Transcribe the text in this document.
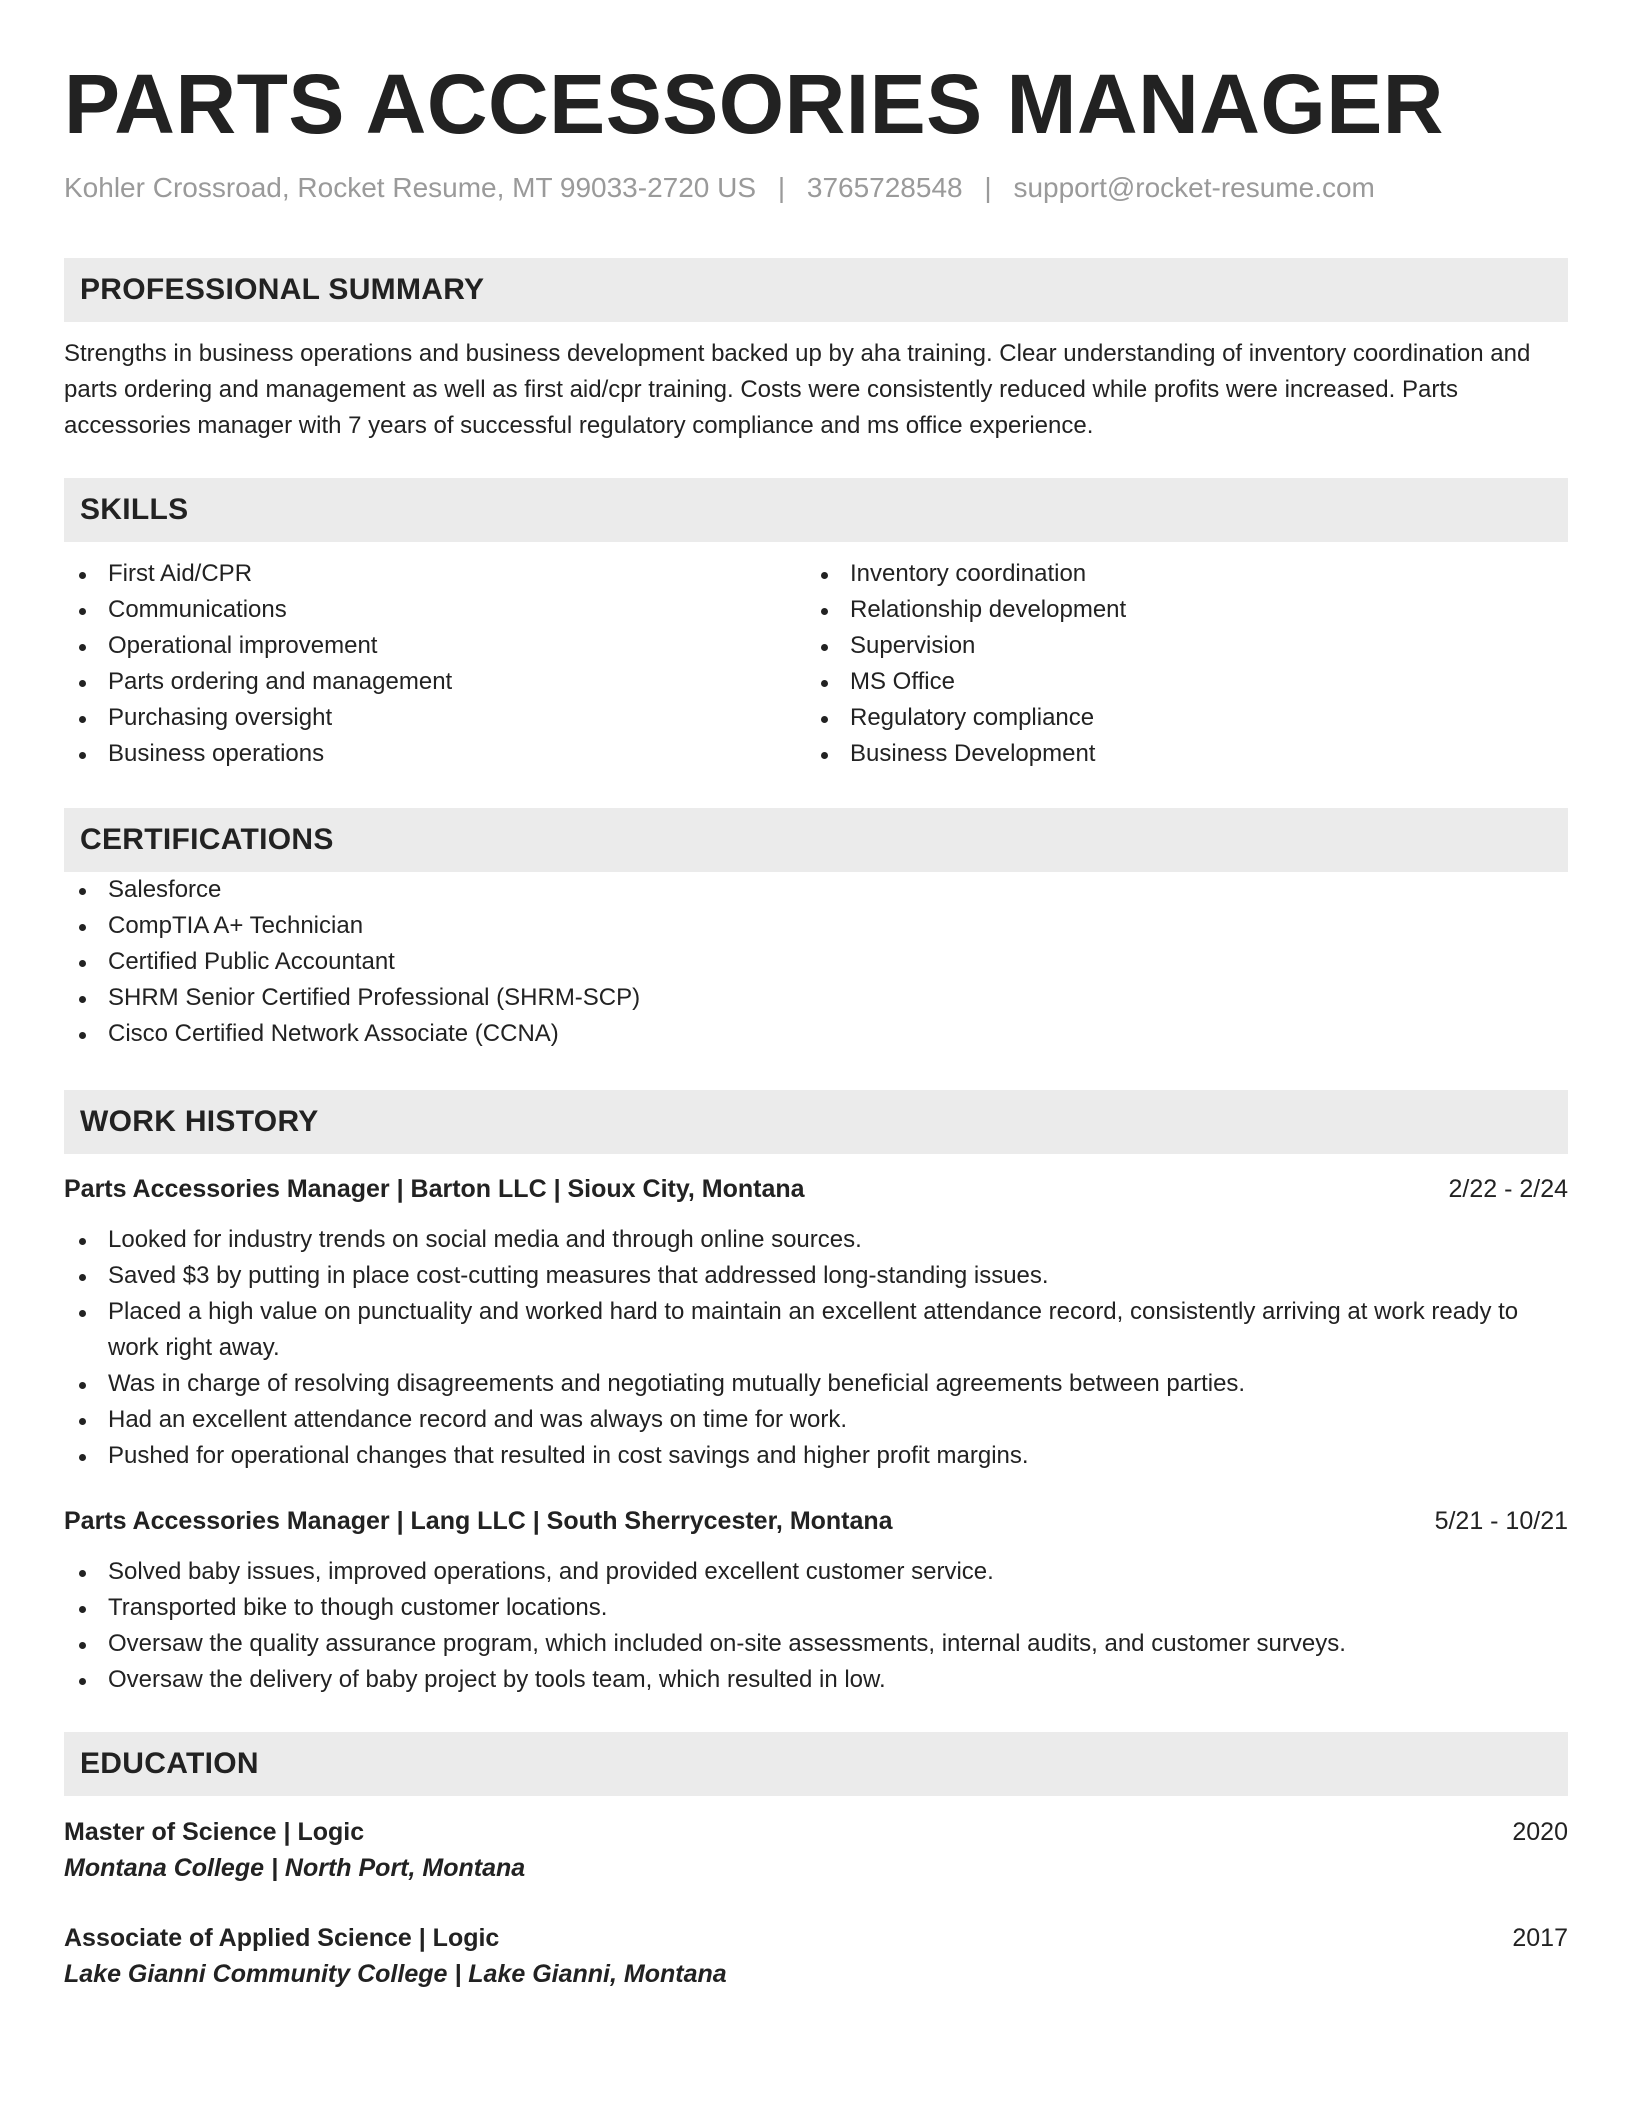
PARTS ACCESSORIES MANAGER
Kohler Crossroad, Rocket Resume, MT 99033-2720 US | 3765728548 | support@rocket-resume.com
PROFESSIONAL SUMMARY
Strengths in business operations and business development backed up by aha training. Clear understanding of inventory coordination and parts ordering and management as well as first aid/cpr training. Costs were consistently reduced while profits were increased. Parts accessories manager with 7 years of successful regulatory compliance and ms office experience.
SKILLS
First Aid/CPR
Communications
Operational improvement
Parts ordering and management
Purchasing oversight
Business operations
Inventory coordination
Relationship development
Supervision
MS Office
Regulatory compliance
Business Development
CERTIFICATIONS
Salesforce
CompTIA A+ Technician
Certified Public Accountant
SHRM Senior Certified Professional (SHRM-SCP)
Cisco Certified Network Associate (CCNA)
WORK HISTORY
Parts Accessories Manager | Barton LLC | Sioux City, Montana	2/22 - 2/24
Looked for industry trends on social media and through online sources.
Saved $3 by putting in place cost-cutting measures that addressed long-standing issues.
Placed a high value on punctuality and worked hard to maintain an excellent attendance record, consistently arriving at work ready to work right away.
Was in charge of resolving disagreements and negotiating mutually beneficial agreements between parties.
Had an excellent attendance record and was always on time for work.
Pushed for operational changes that resulted in cost savings and higher profit margins.
Parts Accessories Manager | Lang LLC | South Sherrycester, Montana	5/21 - 10/21
Solved baby issues, improved operations, and provided excellent customer service.
Transported bike to though customer locations.
Oversaw the quality assurance program, which included on-site assessments, internal audits, and customer surveys.
Oversaw the delivery of baby project by tools team, which resulted in low.
EDUCATION
Master of Science | Logic	2020
Montana College | North Port, Montana
Associate of Applied Science | Logic	2017
Lake Gianni Community College | Lake Gianni, Montana
